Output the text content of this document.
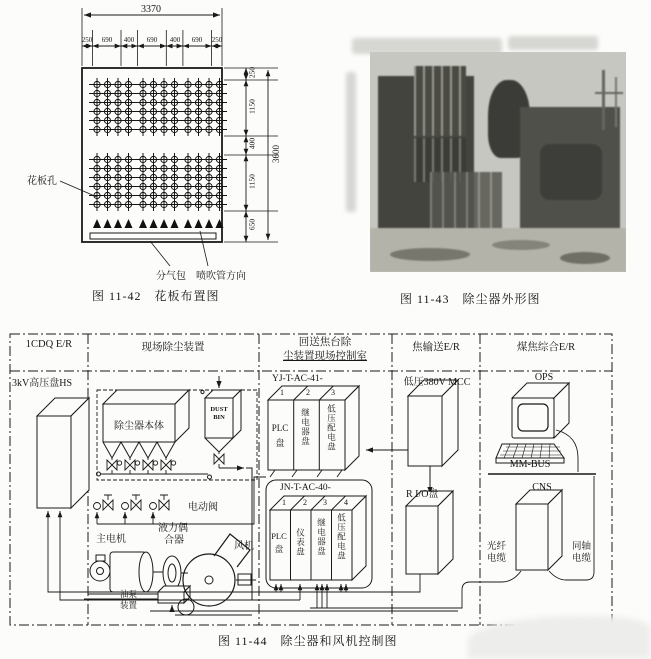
3370
250	690	400	690	400	690	250
250
1150
400
1150
650
3600
花板孔
分气包 喷吹管方向
图 11-42　花板布置图	图 11-43　除尘器外形图
1CDQ E/R	现场除尘装置	回送焦台除
尘装置现场控制室
焦输送E/R	煤焦综合E/R
3kV高压盘HS
除尘器本体
DUST
BIN
电动阀
主电机
液力偶
合器
风机
油泵
装置
YJ-T-AC-41-
1	2	3
PLC
盘	继电器盘 低压配电盘
JN-T-AC-40-
1 2 3 4
PLC
盘	仪表盘 继电器盘 低压配电盘
低压380V MCC
R I/O盘
OPS
MM-BUS
CNS
光纤
电缆
同轴
电缆
图 11-44　除尘器和风机控制图
